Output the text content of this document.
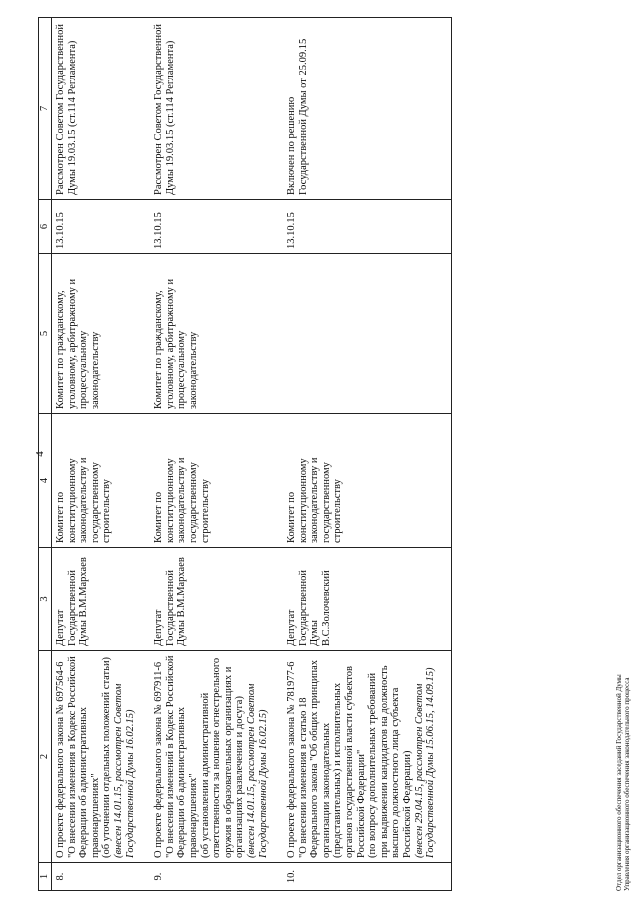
4
1	2	3	4	5	6	7
8.	О проекте федерального закона № 697564-6 "О внесении изменения в Кодекс Российской Федерации об административных правонарушениях" (об уточнении отдельных положений статьи) (внесен 14.01.15, рассмотрен Советом Государственной Думы 16.02.15)	Депутат Государственной Думы В.М.Мархаев	Комитет по конституционному законодательству и государственному строительству	Комитет по гражданскому, уголовному, арбитражному и процессуальному законодательству	13.10.15	Рассмотрен Советом Государственной Думы 19.03.15 (ст.114 Регламента)
9.	О проекте федерального закона № 697911-6 "О внесении изменений в Кодекс Российской Федерации об административных правонарушениях" (об установлении административной ответственности за ношение огнестрельного оружия в образовательных организациях и организациях развлечения и досуга) (внесен 14.01.15, рассмотрен Советом Государственной Думы 16.02.15)	Депутат Государственной Думы В.М.Мархаев	Комитет по конституционному законодательству и государственному строительству	Комитет по гражданскому, уголовному, арбитражному и процессуальному законодательству	13.10.15	Рассмотрен Советом Государственной Думы 19.03.15 (ст.114 Регламента)
10.	О проекте федерального закона № 781977-6 "О внесении изменения в статью 18 Федерального закона "Об общих принципах организации законодательных (представительных) и исполнительных органов государственной власти субъектов Российской Федерации" (по вопросу дополнительных требований при выдвижении кандидатов на должность высшего должностного лица субъекта Российской Федерации) (внесен 29.04.15, рассмотрен Советом Государственной Думы 15.06.15, 14.09.15)	Депутат Государственной Думы В.С.Золочевский	Комитет по конституционному законодательству и государственному строительству		13.10.15	Включен по решению Государственной Думы от 25.09.15
Отдел организационного обеспечения заседаний Государственной Думы Управления организационного обеспечения законодательного процесса
